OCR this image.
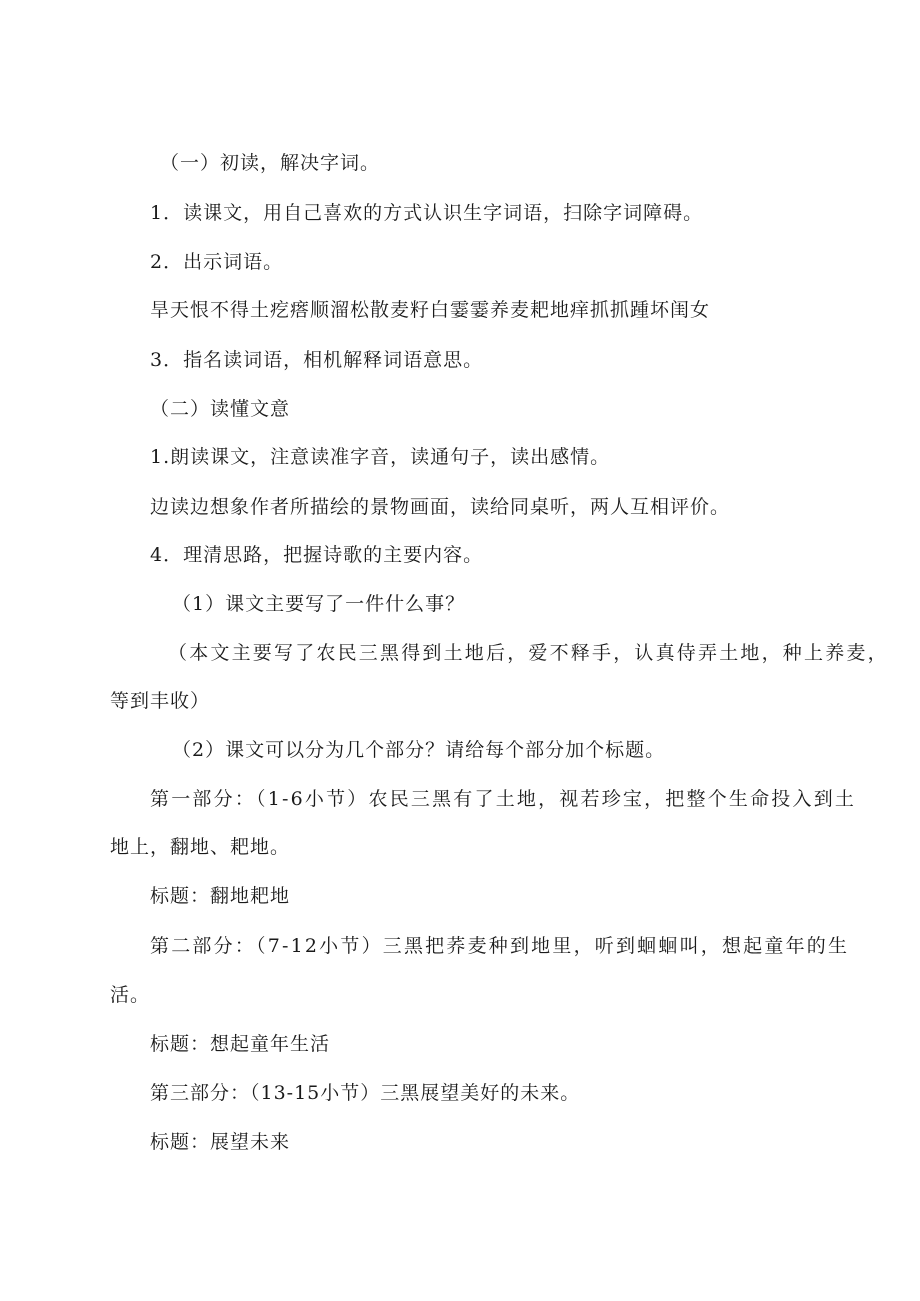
（一）初读，解决字词。
1．读课文，用自己喜欢的方式认识生字词语，扫除字词障碍。
2．出示词语。
旱天恨不得土疙瘩顺溜松散麦籽白霎霎养麦耙地痒抓抓踵坏闺女
3．指名读词语，相机解释词语意思。
（二）读懂文意
1.朗读课文，注意读准字音，读通句子，读出感情。
边读边想象作者所描绘的景物画面，读给同桌听，两人互相评价。
4．理清思路，把握诗歌的主要内容。
（1）课文主要写了一件什么事？
（本文主要写了农民三黑得到土地后，爱不释手，认真侍弄土地，种上养麦，
等到丰收）
（2）课文可以分为几个部分？请给每个部分加个标题。
第一部分：（1-6小节）农民三黑有了土地，视若珍宝，把整个生命投入到土
地上，翻地、耙地。
标题：翻地耙地
第二部分：（7-12小节）三黑把荞麦种到地里，听到蛔蛔叫，想起童年的生
活。
标题：想起童年生活
第三部分：（13-15小节）三黑展望美好的未来。
标题：展望未来
